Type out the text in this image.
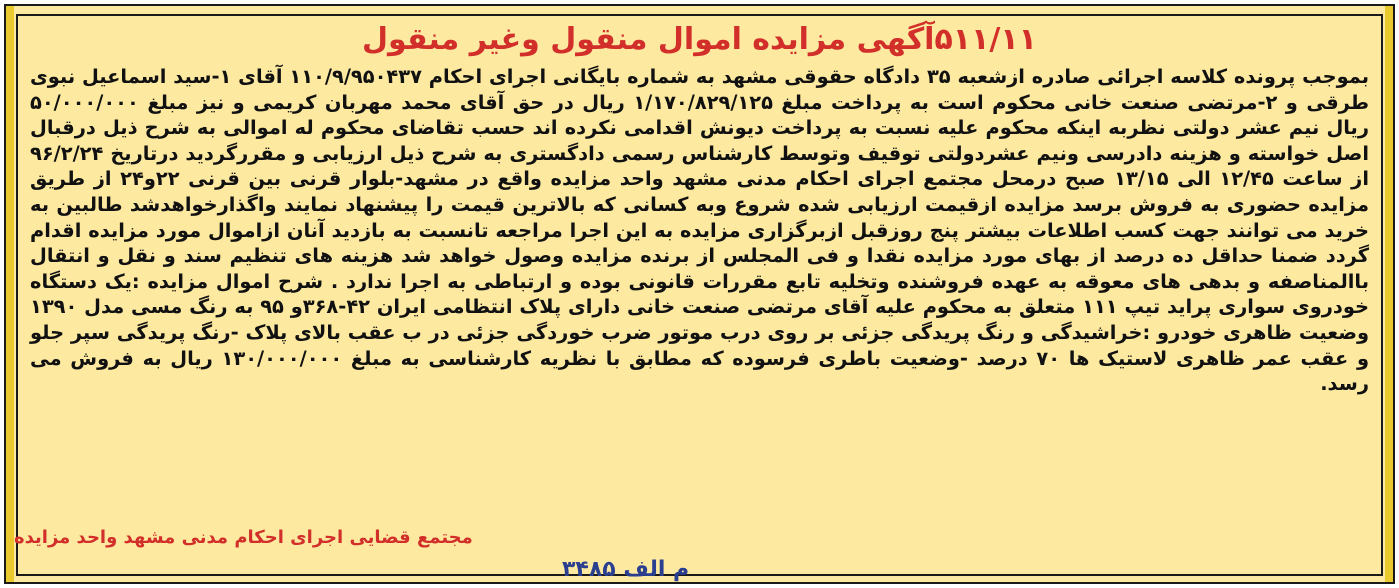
۵۱۱/۱۱آگهی مزایده اموال منقول وغیر منقول

بموجب پرونده کلاسه اجرائی صادره ازشعبه ۳۵ دادگاه حقوقی مشهد به شماره بایگانی اجرای احکام ۱۱۰/۹/۹۵۰۴۳۷ آقای ۱-سید اسماعیل نبوی طرقی و ۲-مرتضی صنعت خانی محکوم است به پرداخت مبلغ ۱/۱۷۰/۸۲۹/۱۲۵ ریال در حق آقای محمد مهربان کریمی و نیز مبلغ ۵۰/۰۰۰/۰۰۰ ریال نیم عشر دولتی نظربه اینکه محکوم علیه نسبت به پرداخت دیونش اقدامی نکرده اند حسب تقاضای محکوم له اموالی به شرح ذیل درقبال اصل خواسته و هزینه دادرسی ونیم عشردولتی توقیف وتوسط کارشناس رسمی دادگستری به شرح ذیل ارزیابی و مقررگردید درتاریخ ۹۶/۲/۲۴ از ساعت ۱۲/۴۵ الی ۱۳/۱۵ صبح درمحل مجتمع اجرای احکام مدنی مشهد واحد مزایده واقع در مشهد-بلوار قرنی بین قرنی ۲۲و۲۴ از طریق مزایده حضوری به فروش برسد مزایده ازقیمت ارزیابی شده شروع وبه کسانی که بالاترین قیمت را پیشنهاد نمایند واگذارخواهدشد طالبین به خرید می توانند جهت کسب اطلاعات بیشتر پنج روزقبل ازبرگزاری مزایده به این اجرا مراجعه تانسبت به بازدید آنان ازاموال مورد مزایده اقدام گردد ضمنا حداقل ده درصد از بهای مورد مزایده نقدا و فی المجلس از برنده مزایده وصول خواهد شد هزینه های تنظیم سند و نقل و انتقال باالمناصفه و بدهی های معوقه به عهده فروشنده وتخلیه تابع مقررات قانونی بوده و ارتباطی به اجرا ندارد . شرح اموال مزایده :یک دستگاه خودروی سواری پراید تیپ ۱۱۱ متعلق به محکوم علیه آقای مرتضی صنعت خانی دارای پلاک انتظامی ایران ۴۲-۳۶۸و ۹۵ به رنگ مسی مدل ۱۳۹۰ وضعیت ظاهری خودرو :خراشیدگی و رنگ پریدگی جزئی بر روی درب موتور ضرب خوردگی جزئی در ب عقب بالای پلاک -رنگ پریدگی سپر جلو و عقب عمر ظاهری لاستیک ها ۷۰ درصد -وضعیت باطری فرسوده که مطابق با نظریه کارشناسی به مبلغ ۱۳۰/۰۰۰/۰۰۰ ریال به فروش می رسد.

مجتمع قضایی اجرای احکام مدنی مشهد واحد مزایده
م الف ۳۴۸۵
